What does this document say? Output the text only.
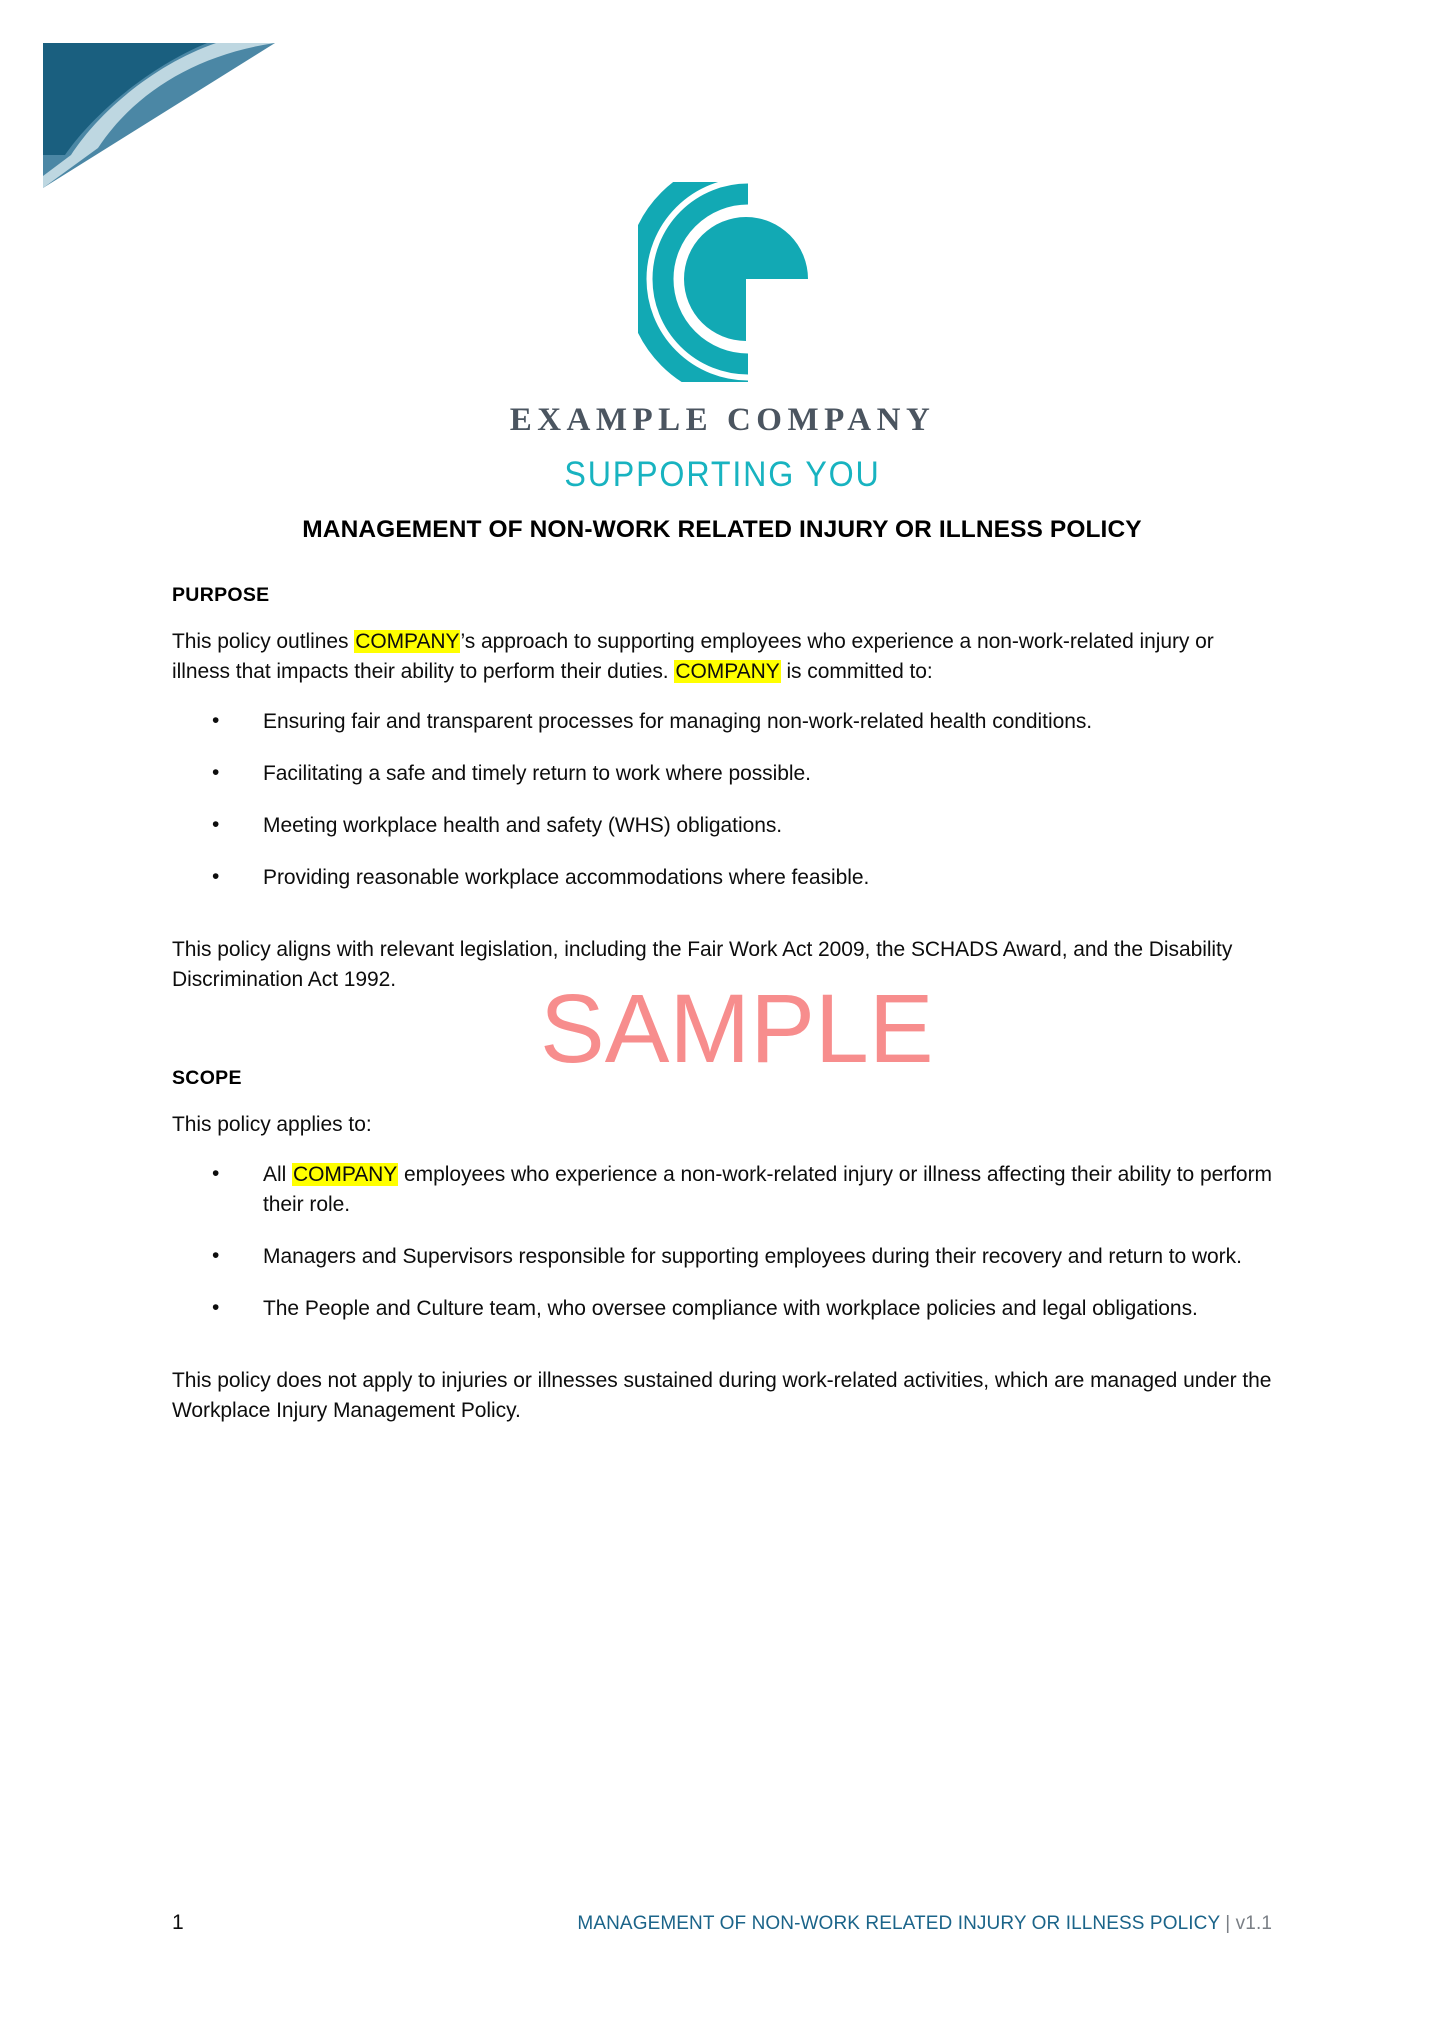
EXAMPLE COMPANY
SUPPORTING YOU
MANAGEMENT OF NON-WORK RELATED INJURY OR ILLNESS POLICY
PURPOSE

This policy outlines COMPANY’s approach to supporting employees who experience a non-work-related injury or illness that impacts their ability to perform their duties. COMPANY is committed to:

• Ensuring fair and transparent processes for managing non-work-related health conditions.
• Facilitating a safe and timely return to work where possible.
• Meeting workplace health and safety (WHS) obligations.
• Providing reasonable workplace accommodations where feasible.

This policy aligns with relevant legislation, including the Fair Work Act 2009, the SCHADS Award, and the Disability Discrimination Act 1992.

SCOPE

This policy applies to:

• All COMPANY employees who experience a non-work-related injury or illness affecting their ability to perform their role.
• Managers and Supervisors responsible for supporting employees during their recovery and return to work.
• The People and Culture team, who oversee compliance with workplace policies and legal obligations.

This policy does not apply to injuries or illnesses sustained during work-related activities, which are managed under the Workplace Injury Management Policy.

SAMPLE
1	MANAGEMENT OF NON-WORK RELATED INJURY OR ILLNESS POLICY | v1.1
